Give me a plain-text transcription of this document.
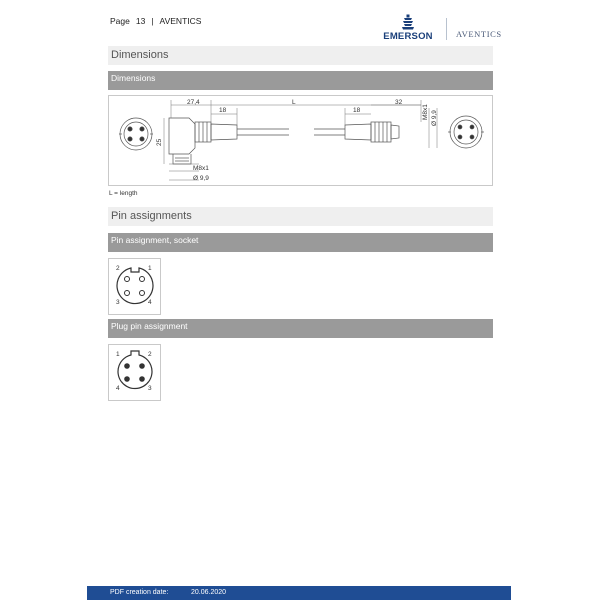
Page 13 | AVENTICS
EMERSON	AVENTICS
Dimensions
Dimensions
27,4
18
L
18
32
M8x1 Ø 9,9
25
M8x1
Ø 9,9
L = length
Pin assignments
Pin assignment, socket
1
2
3	4
Plug pin assignment
1	2
3
4
PDF creation date:	20.06.2020
